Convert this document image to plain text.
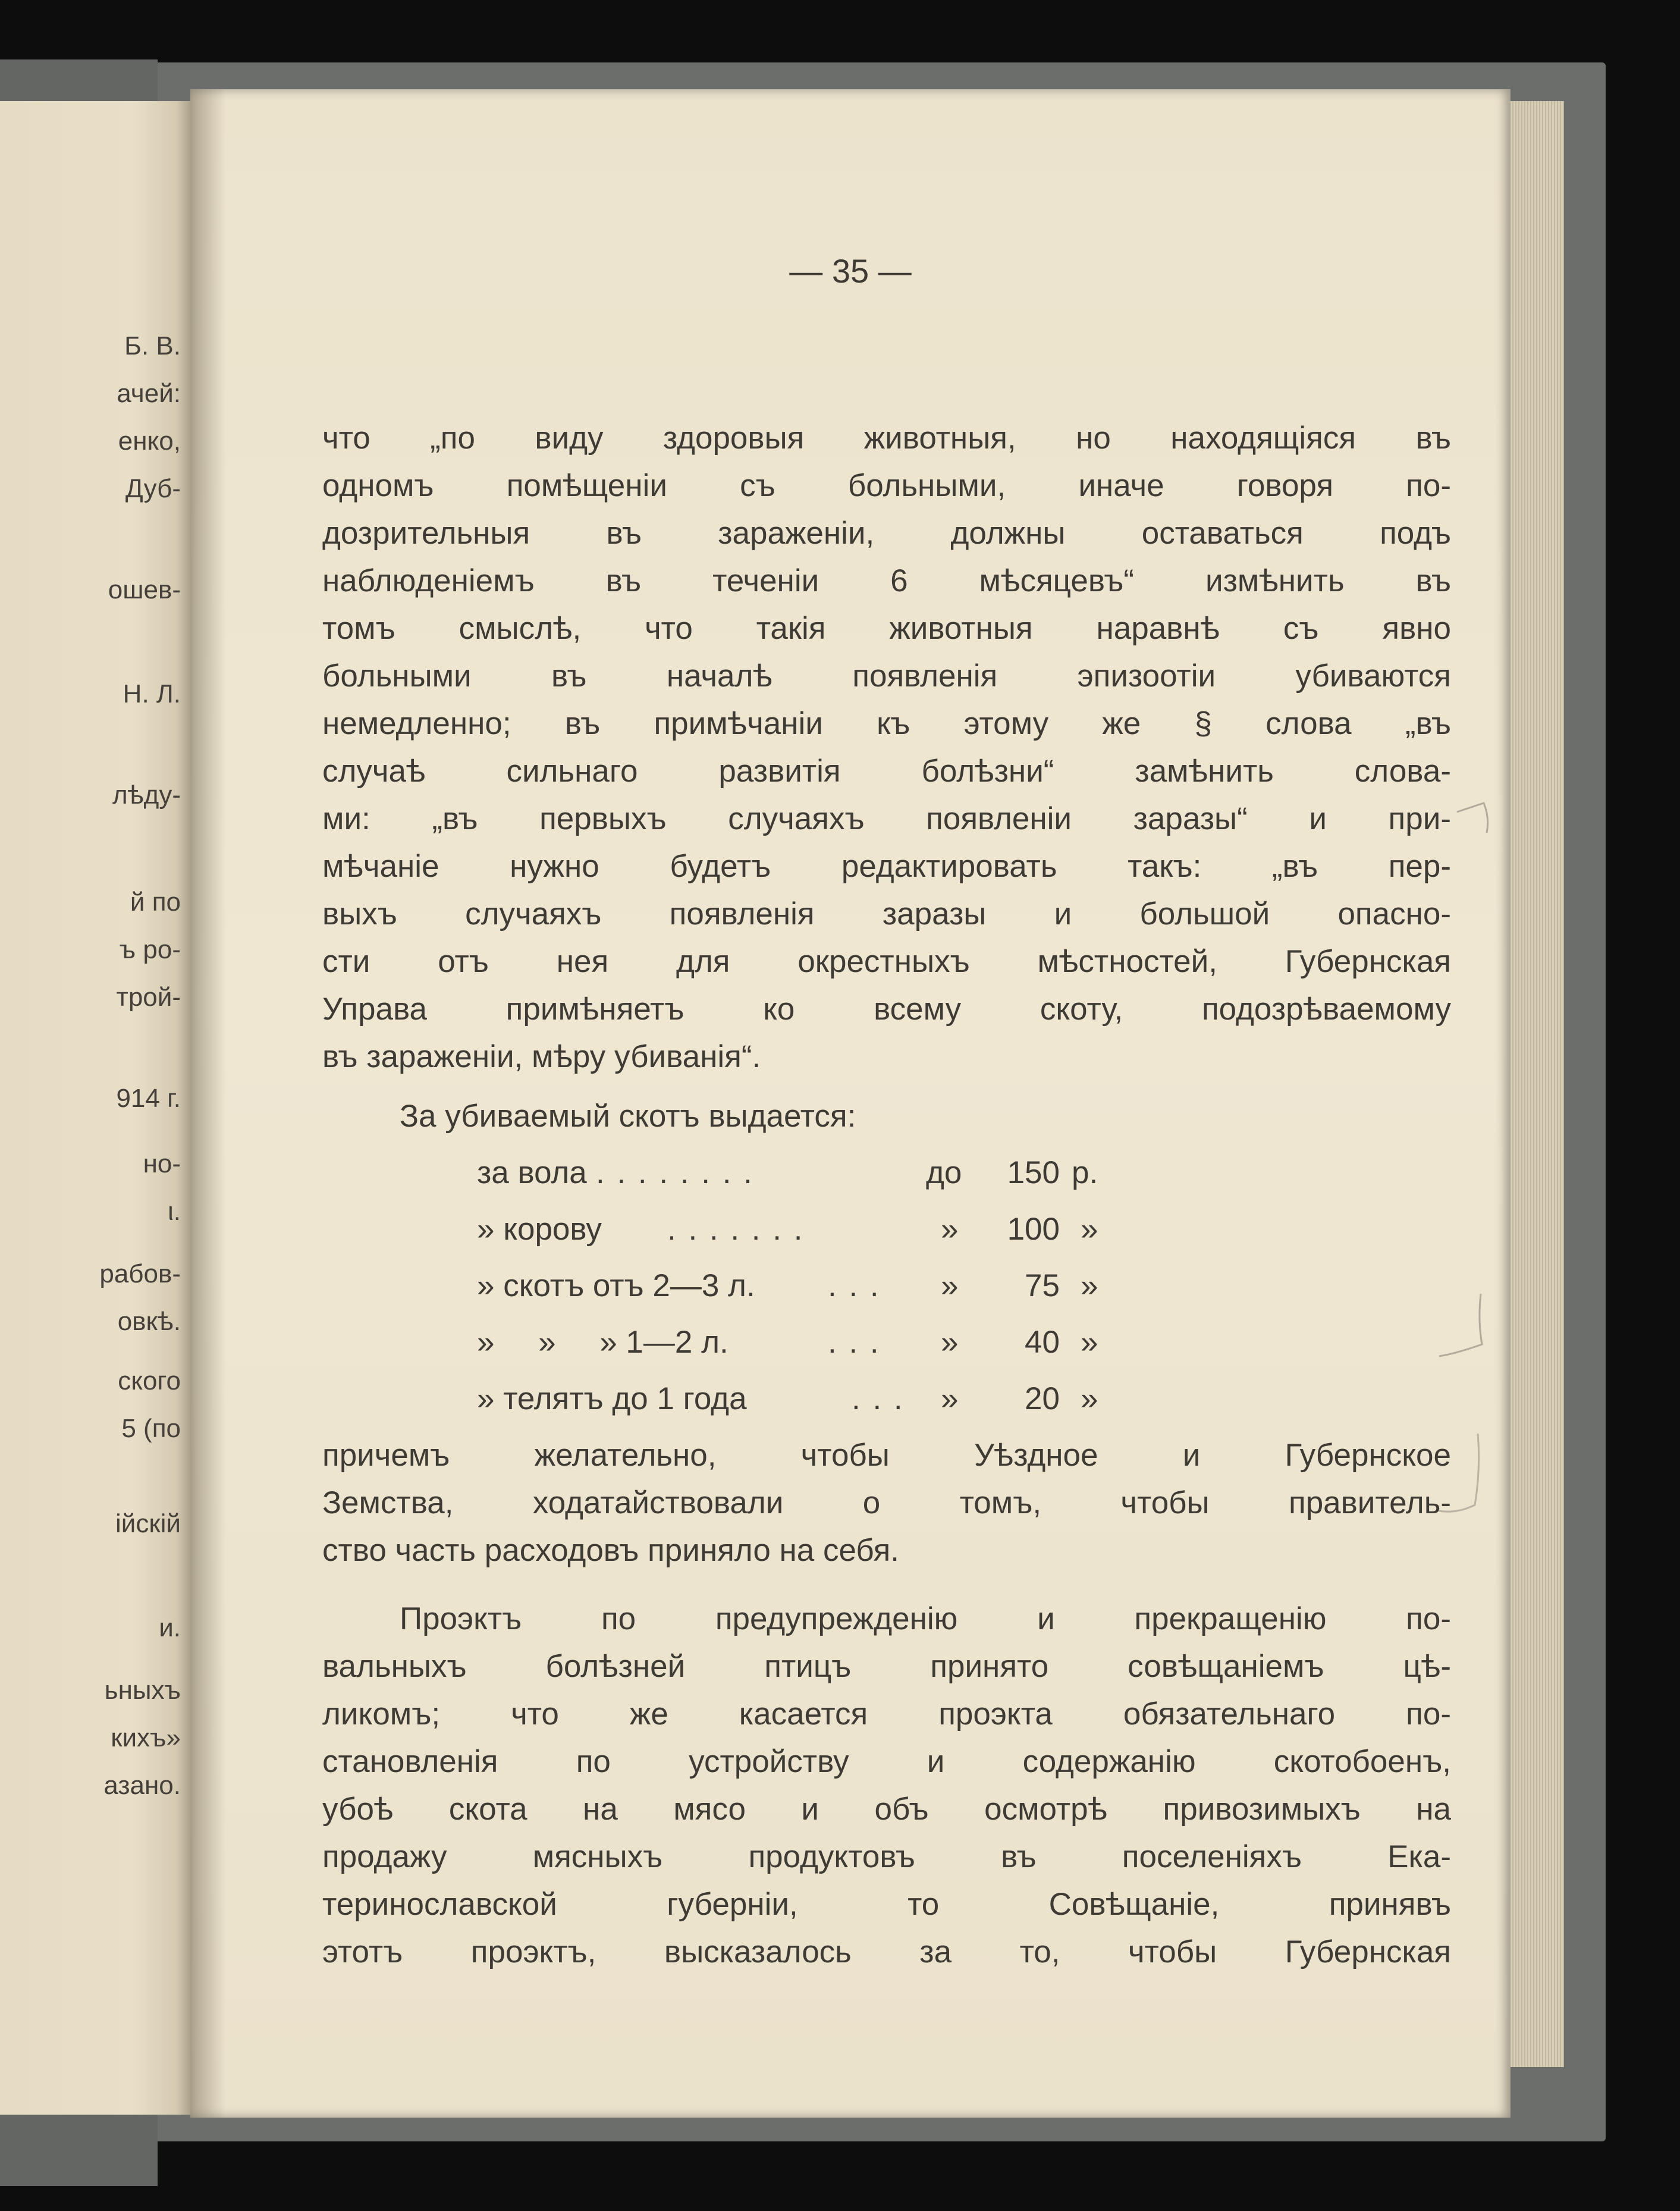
Б. В.

ачей:

енко,

Дуб-

ошев-

Н. Л.

лѣду-

й по

ъ ро-

трой-

914 г.

но-

ι.

рабов-

овкѣ.

ского

5 (по

ійскій

и.

ьныхъ

кихъ»

азано.

— 35 —

что „по виду здоровыя животныя, но находящіяся въ

одномъ помѣщеніи съ больными, иначе говоря по-

дозрительныя въ зараженіи, должны оставаться подъ

наблюденіемъ въ теченіи 6 мѣсяцевъ“ измѣнить въ

томъ смыслѣ, что такія животныя наравнѣ съ явно

больными въ началѣ появленія эпизоотіи убиваются

немедленно; въ примѣчаніи къ этому же § слова „въ

случаѣ сильнаго развитія болѣзни“ замѣнить слова-

ми: „въ первыхъ случаяхъ появленіи заразы“ и при-

мѣчаніе нужно будетъ редактировать такъ: „въ пер-

выхъ случаяхъ появленія заразы и большой опасно-

сти отъ нея для окрестныхъ мѣстностей, Губернская

Управа примѣняетъ ко всему скоту, подозрѣваемому

въ зараженіи, мѣру убиванія“.

За убиваемый скотъ выдается:

за вола . . . . . . . .	до	150 р.
» корову . . . . . . .	»	100 »
» скотъ отъ 2—3 л. . . . »	75 »
»     »     » 1—2 л.	. . . »	40 »
» телятъ до 1 года	. . . »	20 »

причемъ желательно, чтобы Уѣздное и Губернское

Земства, ходатайствовали о томъ, чтобы правитель-

ство часть расходовъ приняло на себя.

Проэктъ по предупрежденію и прекращенію по-

вальныхъ болѣзней птицъ принято совѣщаніемъ цѣ-

ликомъ; что же касается проэкта обязательнаго по-

становленія по устройству и содержанію скотобоенъ,

убоѣ скота на мясо и объ осмотрѣ привозимыхъ на

продажу мясныхъ продуктовъ въ поселеніяхъ Ека-

теринославской губерніи, то Совѣщаніе, принявъ

этотъ проэктъ, высказалось за то, чтобы Губернская
